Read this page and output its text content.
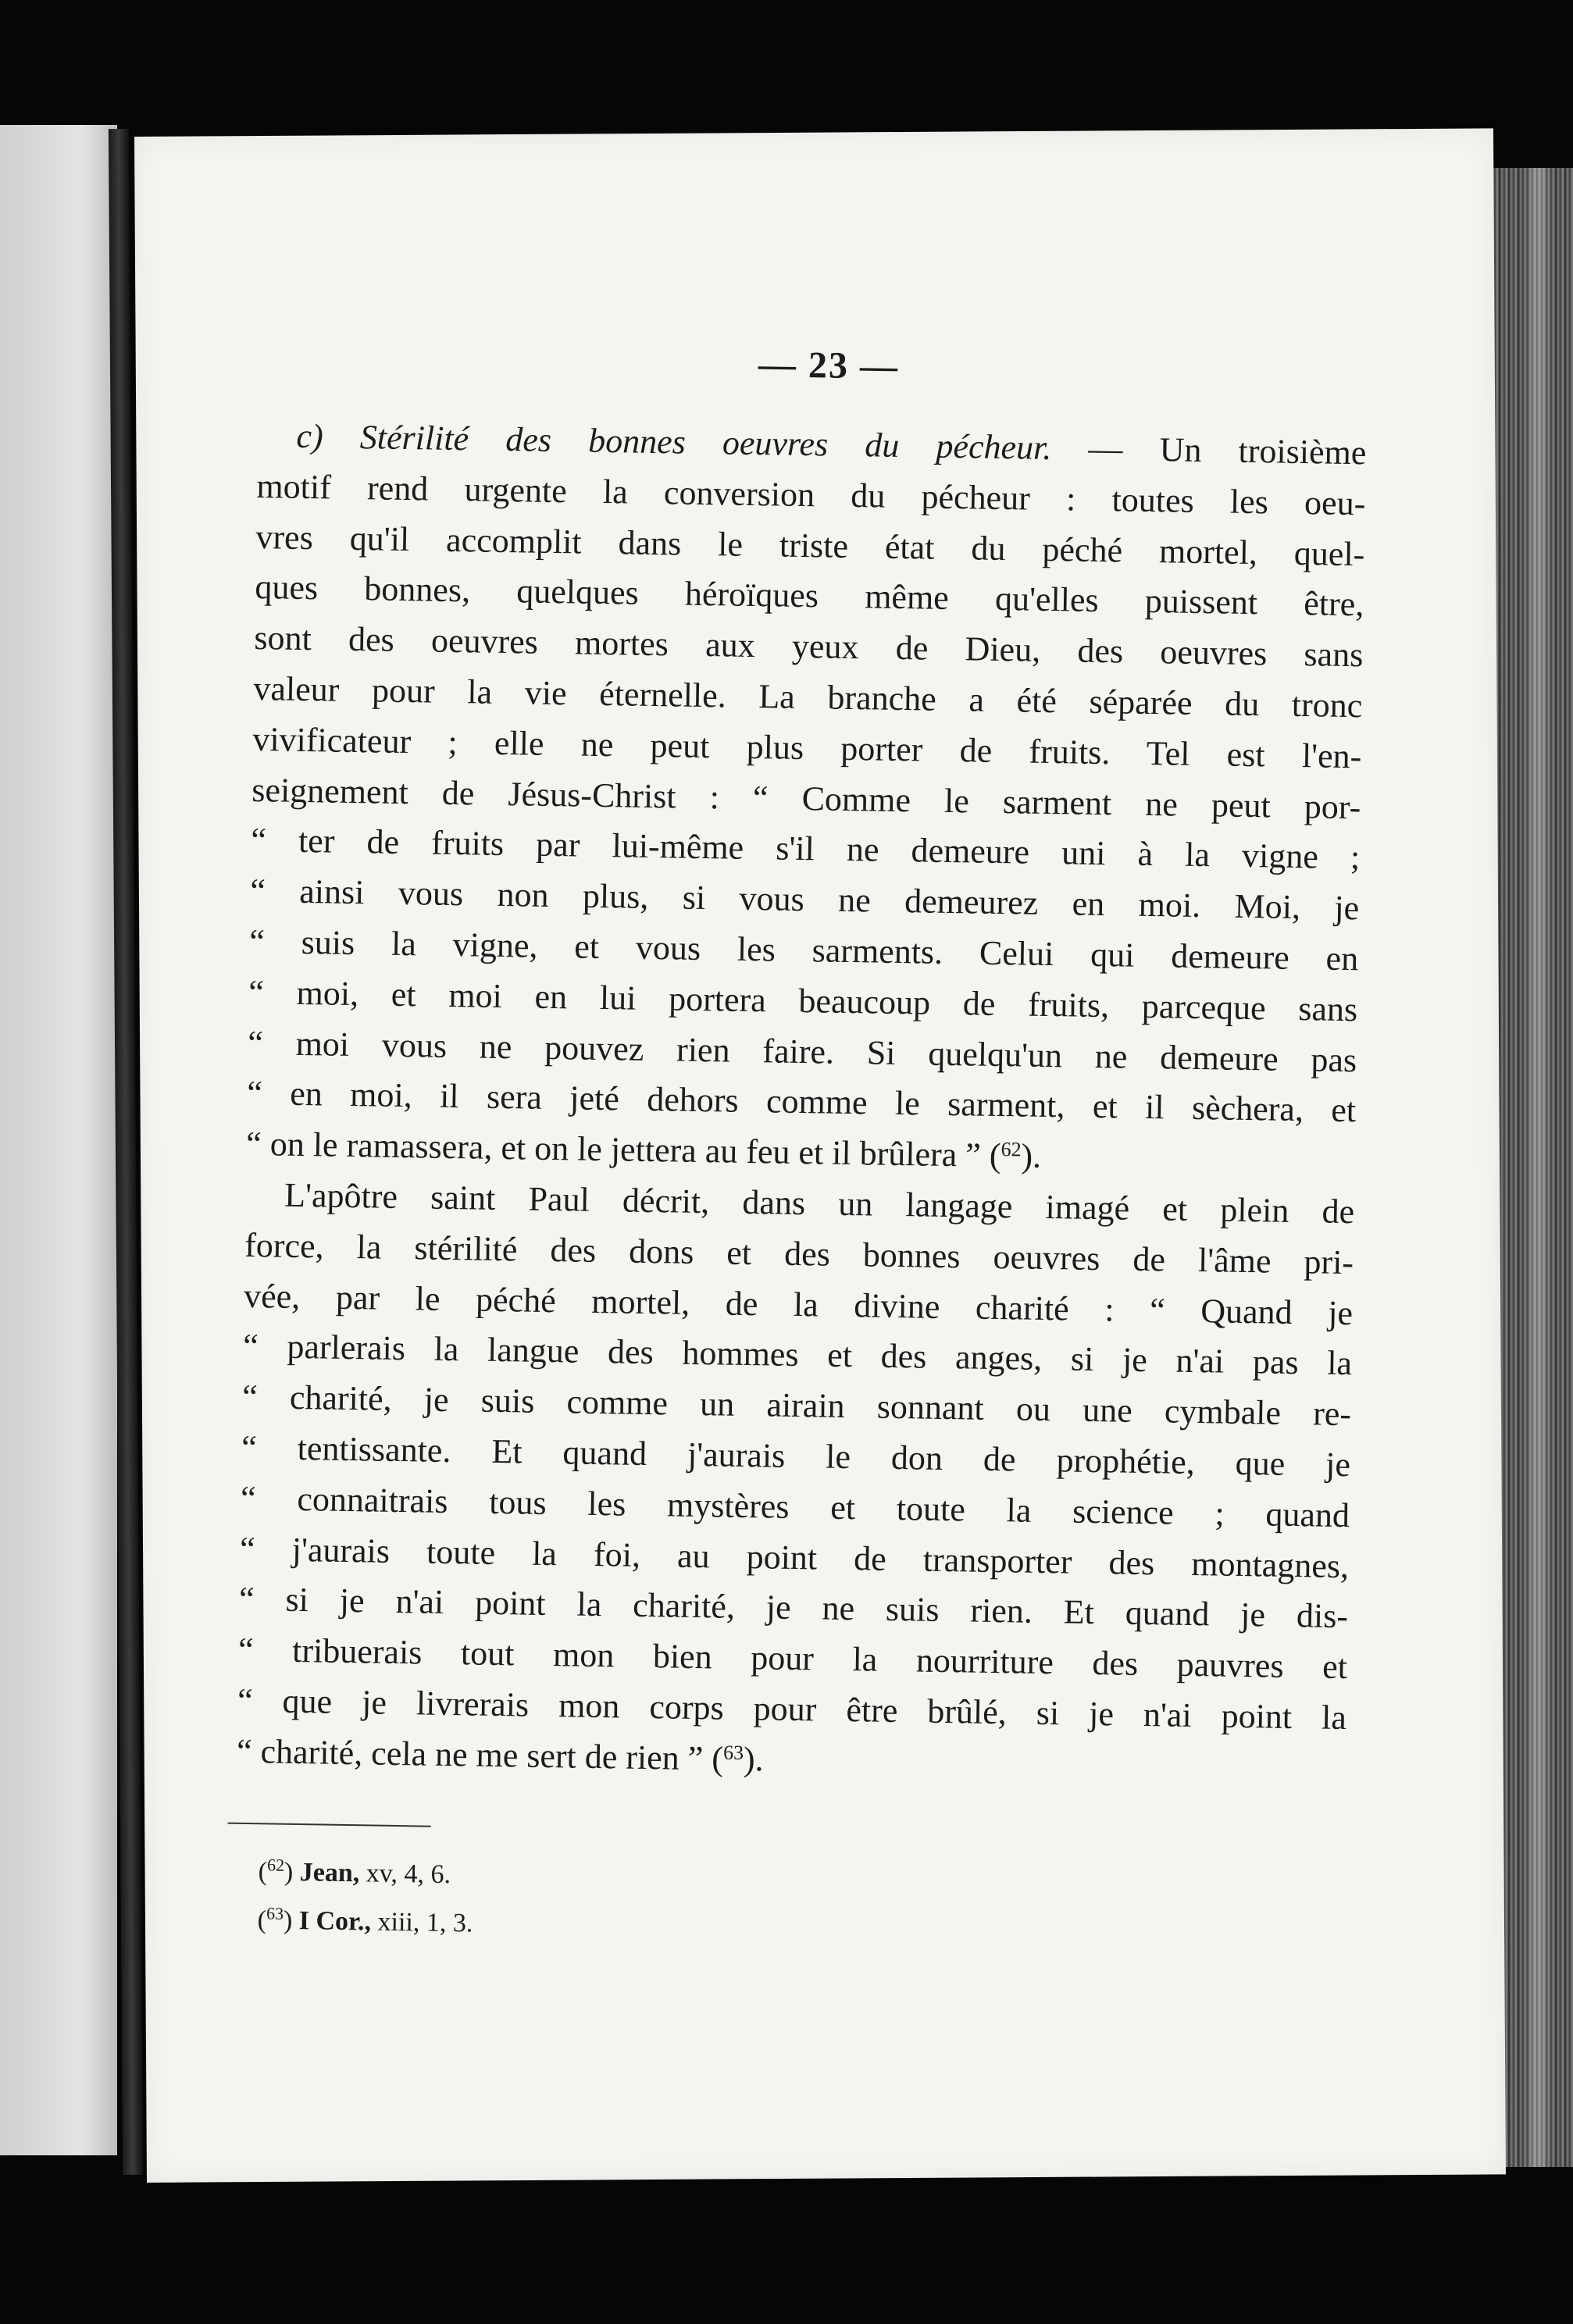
— 23 —

c) Stérilité des bonnes oeuvres du pécheur. — Un troisième
motif rend urgente la conversion du pécheur : toutes les oeu-
vres qu'il accomplit dans le triste état du péché mortel, quel-
ques bonnes, quelques héroïques même qu'elles puissent être,
sont des oeuvres mortes aux yeux de Dieu, des oeuvres sans
valeur pour la vie éternelle. La branche a été séparée du tronc
vivificateur ; elle ne peut plus porter de fruits. Tel est l'en-
seignement de Jésus-Christ : “ Comme le sarment ne peut por-
“ ter de fruits par lui-même s'il ne demeure uni à la vigne ;
“ ainsi vous non plus, si vous ne demeurez en moi. Moi, je
“ suis la vigne, et vous les sarments. Celui qui demeure en
“ moi, et moi en lui portera beaucoup de fruits, parceque sans
“ moi vous ne pouvez rien faire. Si quelqu'un ne demeure pas
“ en moi, il sera jeté dehors comme le sarment, et il sèchera, et
“ on le ramassera, et on le jettera au feu et il brûlera ” ($^{62}$).

L'apôtre saint Paul décrit, dans un langage imagé et plein de
force, la stérilité des dons et des bonnes oeuvres de l'âme pri-
vée, par le péché mortel, de la divine charité : “ Quand je
“ parlerais la langue des hommes et des anges, si je n'ai pas la
“ charité, je suis comme un airain sonnant ou une cymbale re-
“ tentissante. Et quand j'aurais le don de prophétie, que je
“ connaitrais tous les mystères et toute la science ; quand
“ j'aurais toute la foi, au point de transporter des montagnes,
“ si je n'ai point la charité, je ne suis rien. Et quand je dis-
“ tribuerais tout mon bien pour la nourriture des pauvres et
“ que je livrerais mon corps pour être brûlé, si je n'ai point la
“ charité, cela ne me sert de rien ” ($^{63}$).

($^{62}$) Jean, xv, 4, 6.
($^{63}$) I Cor., xiii, 1, 3.
